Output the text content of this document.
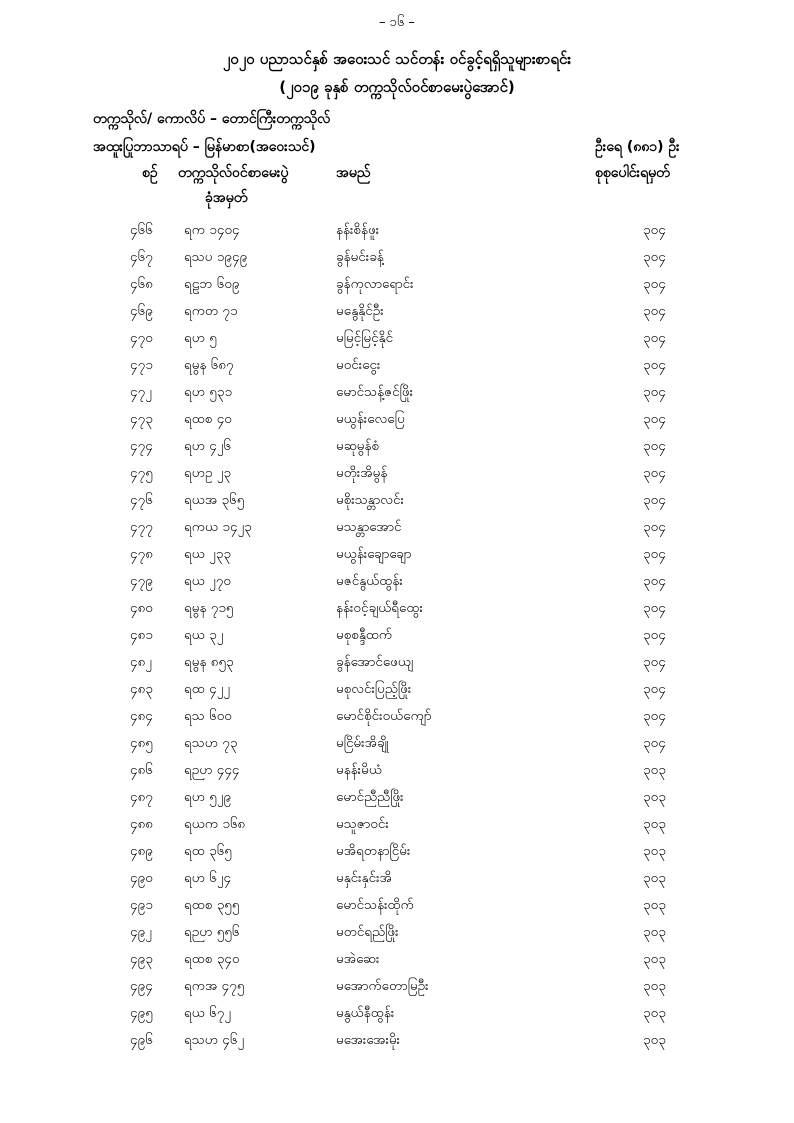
– ၁၆ –
၂၀၂၀ ပညာသင်နှစ် အဝေးသင် သင်တန်း ဝင်ခွင့်ရရှိသူများစာရင်း
(၂၀၁၉ ခုနှစ် တက္ကသိုလ်ဝင်စာမေးပွဲအောင်)
တက္ကသိုလ်/ ကောလိပ် – တောင်ကြီးတက္ကသိုလ်
အထူးပြုဘာသာရပ် – မြန်မာစာ(အဝေးသင်)	ဦးရေ (၈၈၁) ဦး
စဉ် တက္ကသိုလ်ဝင်စာမေးပွဲ
ခုံအမှတ်
အမည်	စုစုပေါင်းရမှတ်
၄၆၆ ရက ၁၄၀၄	နန်းစိန်ဖူး	၃၀၄
၄၆၇ ရသပ ၁၉၄၉	ခွန်မင်းခန့်	၃၀၄
၄၆၈ ရဠဘ ၆၀၉	ခွန်ကုလာရောင်း	၃၀၄
၄၆၉ ရကတ ၇၁	မနွေနိုင်ဦး	၃၀၄
၄၇၀ ရဟ ၅	မမြင့်မြင့်နိုင်	၃၀၄
၄၇၁ ရမွန ၆၈၇	မဝင်းငွေး	၃၀၄
၄၇၂ ရဟ ၅၃၁	မောင်သန့်ဇင်ဖြိုး	၃၀၄
၄၇၃ ရထစ ၄၀	မယွန်းလေပြေ	၃၀၄
၄၇၄ ရဟ ၄၂၆	မဆုမွန်စံ	၃၀၄
၄၇၅ ရဟဥ ၂၃	မတိုးအိမွန်	၃၀၄
၄၇၆ ရယအ ၃၆၅	မစိုးသန္တာလင်း	၃၀၄
၄၇၇ ရကယ ၁၄၂၃	မသန္တာအောင်	၃၀၄
၄၇၈ ရယ ၂၃၃	မယွန်းချောချော	၃၀၄
၄၇၉ ရယ ၂၇၀	မဇင်နွယ်ထွန်း	၃၀၄
၄၈၀ ရမွန ၇၁၅	နန်းဝင့်ချယ်ရီထွေး	၃၀၄
၄၈၁ ရယ ၃၂	မစုစန္ဒီထက်	၃၀၄
၄၈၂ ရမွန ၈၅၃	ခွန်အောင်ဖေယျ	၃၀၄
၄၈၃ ရထ ၄၂၂	မစုလင်းပြည့်ဖြိုး	၃၀၄
၄၈၄ ရသ ၆၀၀	မောင်စိုင်းဝယ်ကျော်	၃၀၄
၄၈၅ ရသဟ ၇၃	မငြိမ်းအိချို	၃၀၄
၄၈၆ ရဉဟ ၄၄၄	မနန်းမိယံ	၃၀၃
၄၈၇ ရဟ ၅၂၉	မောင်ညီညီဖြိုး	၃၀၃
၄၈၈ ရယက ၁၆၈	မသူဇာဝင်း	၃၀၃
၄၈၉ ရထ ၃၆၅	မအိရတနာငြိမ်း	၃၀၃
၄၉၀ ရဟ ၆၂၄	မနှင်းနှင်းအိ	၃၀၃
၄၉၁ ရထစ ၃၅၅	မောင်သန်းထိုက်	၃၀၃
၄၉၂ ရဉဟ ၅၅၆	မတင်ရည်ဖြိုး	၃၀၃
၄၉၃ ရထစ ၃၄၀	မအဲဆေး	၃၀၃
၄၉၄ ရကအ ၄၇၅	မအောက်တောမြဦး	၃၀၃
၄၉၅ ရယ ၆၇၂	မနွယ်နီထွန်း	၃၀၃
၄၉၆ ရသဟ ၄၆၂	မအေးအေးမိုး	၃၀၃
